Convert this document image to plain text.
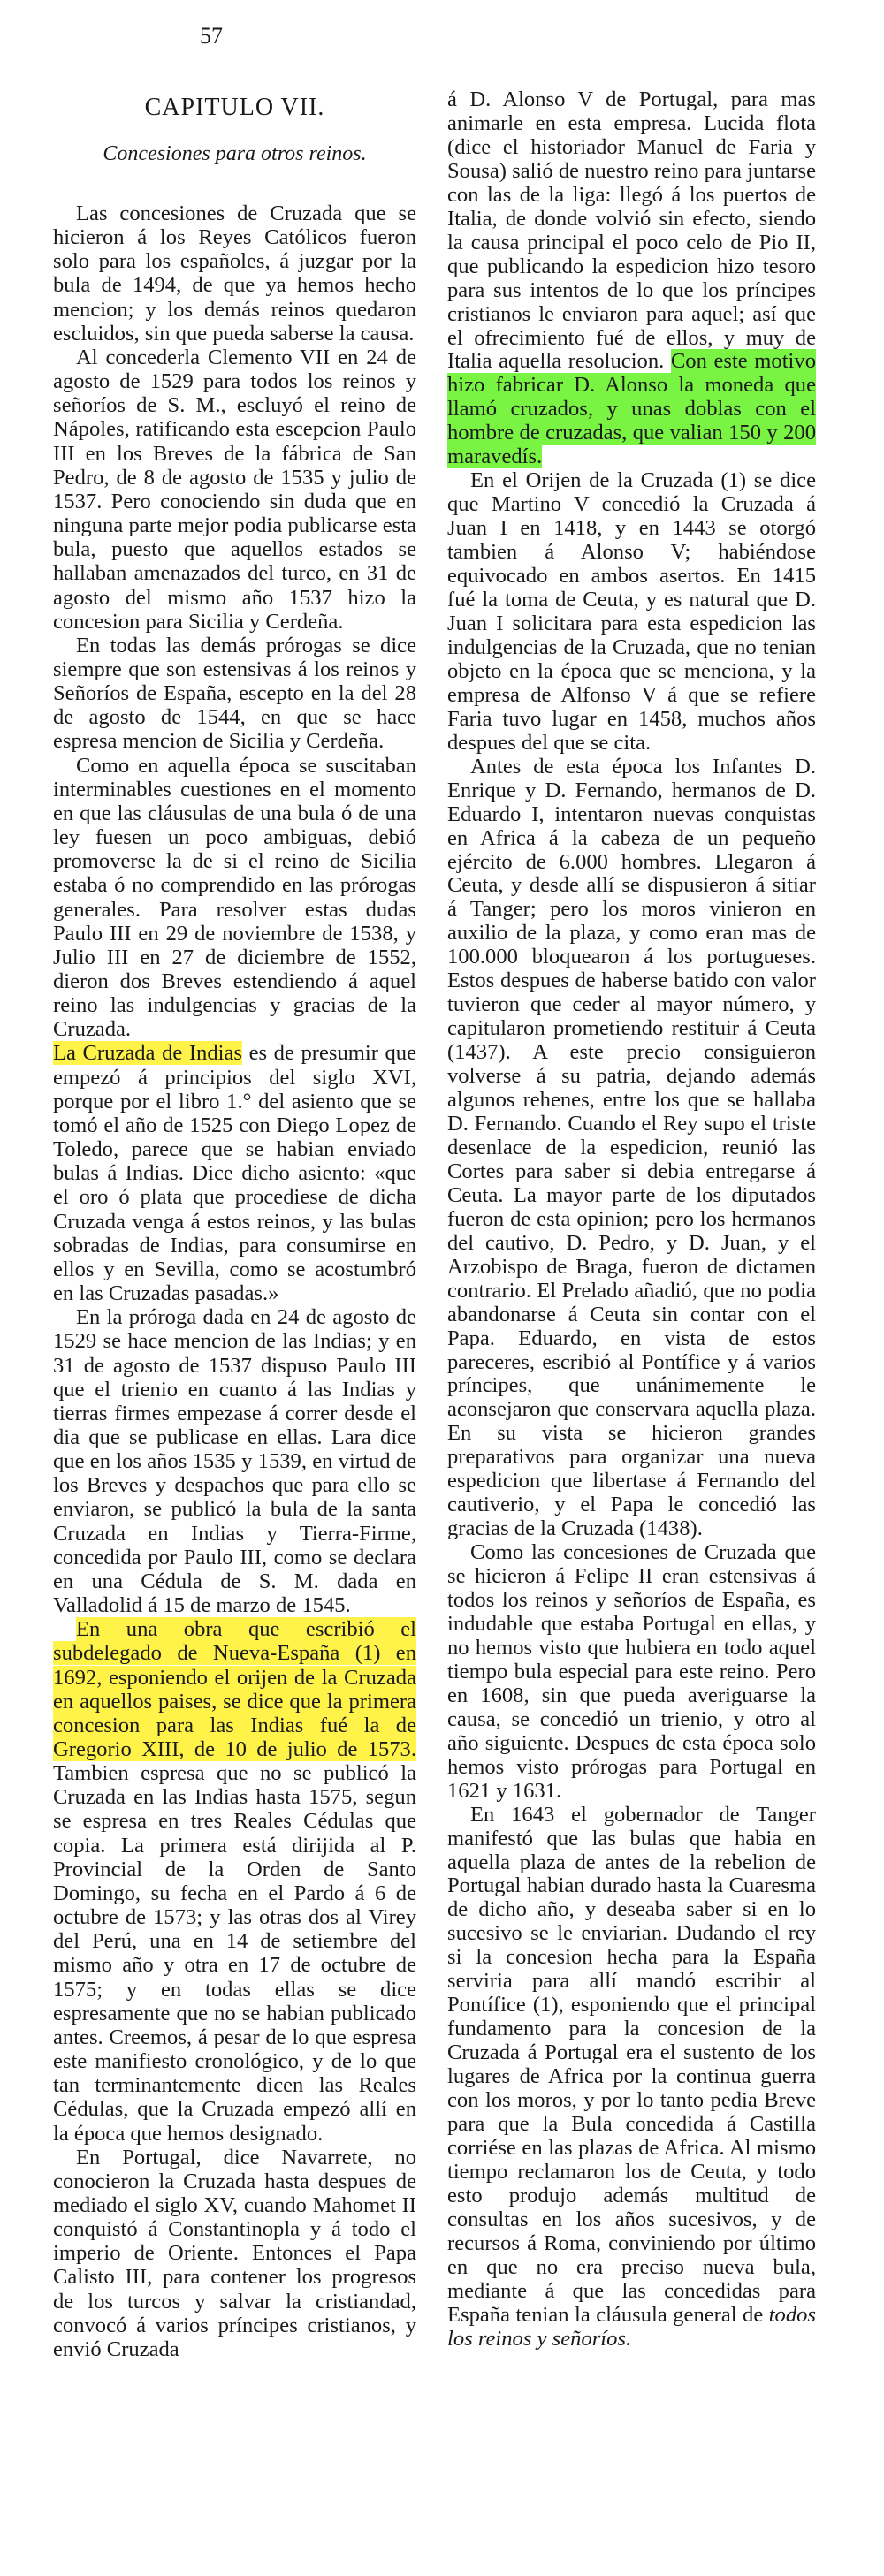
57
CAPITULO VII.
Concesiones para otros reinos.

Las concesiones de Cruzada que se hicieron á los Reyes Católicos fueron solo para los españoles, á juzgar por la bula de 1494, de que ya hemos hecho mencion; y los demás reinos quedaron escluidos, sin que pueda saberse la causa.

Al concederla Clemento VII en 24 de agosto de 1529 para todos los reinos y señoríos de S. M., escluyó el reino de Nápoles, ratificando esta escepcion Paulo III en los Breves de la fábrica de San Pedro, de 8 de agosto de 1535 y julio de 1537. Pero conociendo sin duda que en ninguna parte mejor podia publicarse esta bula, puesto que aquellos estados se hallaban amenazados del turco, en 31 de agosto del mismo año 1537 hizo la concesion para Sicilia y Cerdeña.

En todas las demás prórogas se dice siempre que son estensivas á los reinos y Señoríos de España, escepto en la del 28 de agosto de 1544, en que se hace espresa mencion de Sicilia y Cerdeña.

Como en aquella época se suscitaban interminables cuestiones en el momento en que las cláusulas de una bula ó de una ley fuesen un poco ambiguas, debió promoverse la de si el reino de Sicilia estaba ó no comprendido en las prórogas generales. Para resolver estas dudas Paulo III en 29 de noviembre de 1538, y Julio III en 27 de diciembre de 1552, dieron dos Breves estendiendo á aquel reino las indulgencias y gracias de la Cruzada.

La Cruzada de Indias es de presumir que empezó á principios del siglo XVI, porque por el libro 1.° del asiento que se tomó el año de 1525 con Diego Lopez de Toledo, parece que se habian enviado bulas á Indias. Dice dicho asiento: «que el oro ó plata que procediese de dicha Cruzada venga á estos reinos, y las bulas sobradas de Indias, para consumirse en ellos y en Sevilla, como se acostumbró en las Cruzadas pasadas.»

En la próroga dada en 24 de agosto de 1529 se hace mencion de las Indias; y en 31 de agosto de 1537 dispuso Paulo III que el trienio en cuanto á las Indias y tierras firmes empezase á correr desde el dia que se publicase en ellas. Lara dice que en los años 1535 y 1539, en virtud de los Breves y despachos que para ello se enviaron, se publicó la bula de la santa Cruzada en Indias y Tierra-Firme, concedida por Paulo III, como se declara en una Cédula de S. M. dada en Valladolid á 15 de marzo de 1545.

En una obra que escribió el subdelegado de Nueva-España (1) en 1692, esponiendo el orijen de la Cruzada en aquellos paises, se dice que la primera concesion para las Indias fué la de Gregorio XIII, de 10 de julio de 1573. Tambien espresa que no se publicó la Cruzada en las Indias hasta 1575, segun se espresa en tres Reales Cédulas que copia. La primera está dirijida al P. Provincial de la Orden de Santo Domingo, su fecha en el Pardo á 6 de octubre de 1573; y las otras dos al Virey del Perú, una en 14 de setiembre del mismo año y otra en 17 de octubre de 1575; y en todas ellas se dice espresamente que no se habian publicado antes. Creemos, á pesar de lo que espresa este manifiesto cronológico, y de lo que tan terminantemente dicen las Reales Cédulas, que la Cruzada empezó allí en la época que hemos designado.

En Portugal, dice Navarrete, no conocieron la Cruzada hasta despues de mediado el siglo XV, cuando Mahomet II conquistó á Constantinopla y á todo el imperio de Oriente. Entonces el Papa Calisto III, para contener los progresos de los turcos y salvar la cristiandad, convocó á varios príncipes cristianos, y envió Cruzada

á D. Alonso V de Portugal, para mas animarle en esta empresa. Lucida flota (dice el historiador Manuel de Faria y Sousa) salió de nuestro reino para juntarse con las de la liga: llegó á los puertos de Italia, de donde volvió sin efecto, siendo la causa principal el poco celo de Pio II, que publicando la espedicion hizo tesoro para sus intentos de lo que los príncipes cristianos le enviaron para aquel; así que el ofrecimiento fué de ellos, y muy de Italia aquella resolucion. Con este motivo hizo fabricar D. Alonso la moneda que llamó cruzados, y unas doblas con el hombre de cruzadas, que valian 150 y 200 maravedís.

En el Orijen de la Cruzada (1) se dice que Martino V concedió la Cruzada á Juan I en 1418, y en 1443 se otorgó tambien á Alonso V; habiéndose equivocado en ambos asertos. En 1415 fué la toma de Ceuta, y es natural que D. Juan I solicitara para esta espedicion las indulgencias de la Cruzada, que no tenian objeto en la época que se menciona, y la empresa de Alfonso V á que se refiere Faria tuvo lugar en 1458, muchos años despues del que se cita.

Antes de esta época los Infantes D. Enrique y D. Fernando, hermanos de D. Eduardo I, intentaron nuevas conquistas en Africa á la cabeza de un pequeño ejército de 6.000 hombres. Llegaron á Ceuta, y desde allí se dispusieron á sitiar á Tanger; pero los moros vinieron en auxilio de la plaza, y como eran mas de 100.000 bloquearon á los portugueses. Estos despues de haberse batido con valor tuvieron que ceder al mayor número, y capitularon prometiendo restituir á Ceuta (1437). A este precio consiguieron volverse á su patria, dejando además algunos rehenes, entre los que se hallaba D. Fernando. Cuando el Rey supo el triste desenlace de la espedicion, reunió las Cortes para saber si debia entregarse á Ceuta. La mayor parte de los diputados fueron de esta opinion; pero los hermanos del cautivo, D. Pedro, y D. Juan, y el Arzobispo de Braga, fueron de dictamen contrario. El Prelado añadió, que no podia abandonarse á Ceuta sin contar con el Papa. Eduardo, en vista de estos pareceres, escribió al Pontífice y á varios príncipes, que unánimemente le aconsejaron que conservara aquella plaza. En su vista se hicieron grandes preparativos para organizar una nueva espedicion que libertase á Fernando del cautiverio, y el Papa le concedió las gracias de la Cruzada (1438).

Como las concesiones de Cruzada que se hicieron á Felipe II eran estensivas á todos los reinos y señoríos de España, es indudable que estaba Portugal en ellas, y no hemos visto que hubiera en todo aquel tiempo bula especial para este reino. Pero en 1608, sin que pueda averiguarse la causa, se concedió un trienio, y otro al año siguiente. Despues de esta época solo hemos visto prórogas para Portugal en 1621 y 1631.

En 1643 el gobernador de Tanger manifestó que las bulas que habia en aquella plaza de antes de la rebelion de Portugal habian durado hasta la Cuaresma de dicho año, y deseaba saber si en lo sucesivo se le enviarian. Dudando el rey si la concesion hecha para la España serviria para allí mandó escribir al Pontífice (1), esponiendo que el principal fundamento para la concesion de la Cruzada á Portugal era el sustento de los lugares de Africa por la continua guerra con los moros, y por lo tanto pedia Breve para que la Bula concedida á Castilla corriése en las plazas de Africa. Al mismo tiempo reclamaron los de Ceuta, y todo esto produjo además multitud de consultas en los años sucesivos, y de recursos á Roma, conviniendo por último en que no era preciso nueva bula, mediante á que las concedidas para España tenian la cláusula general de todos los reinos y señoríos.
